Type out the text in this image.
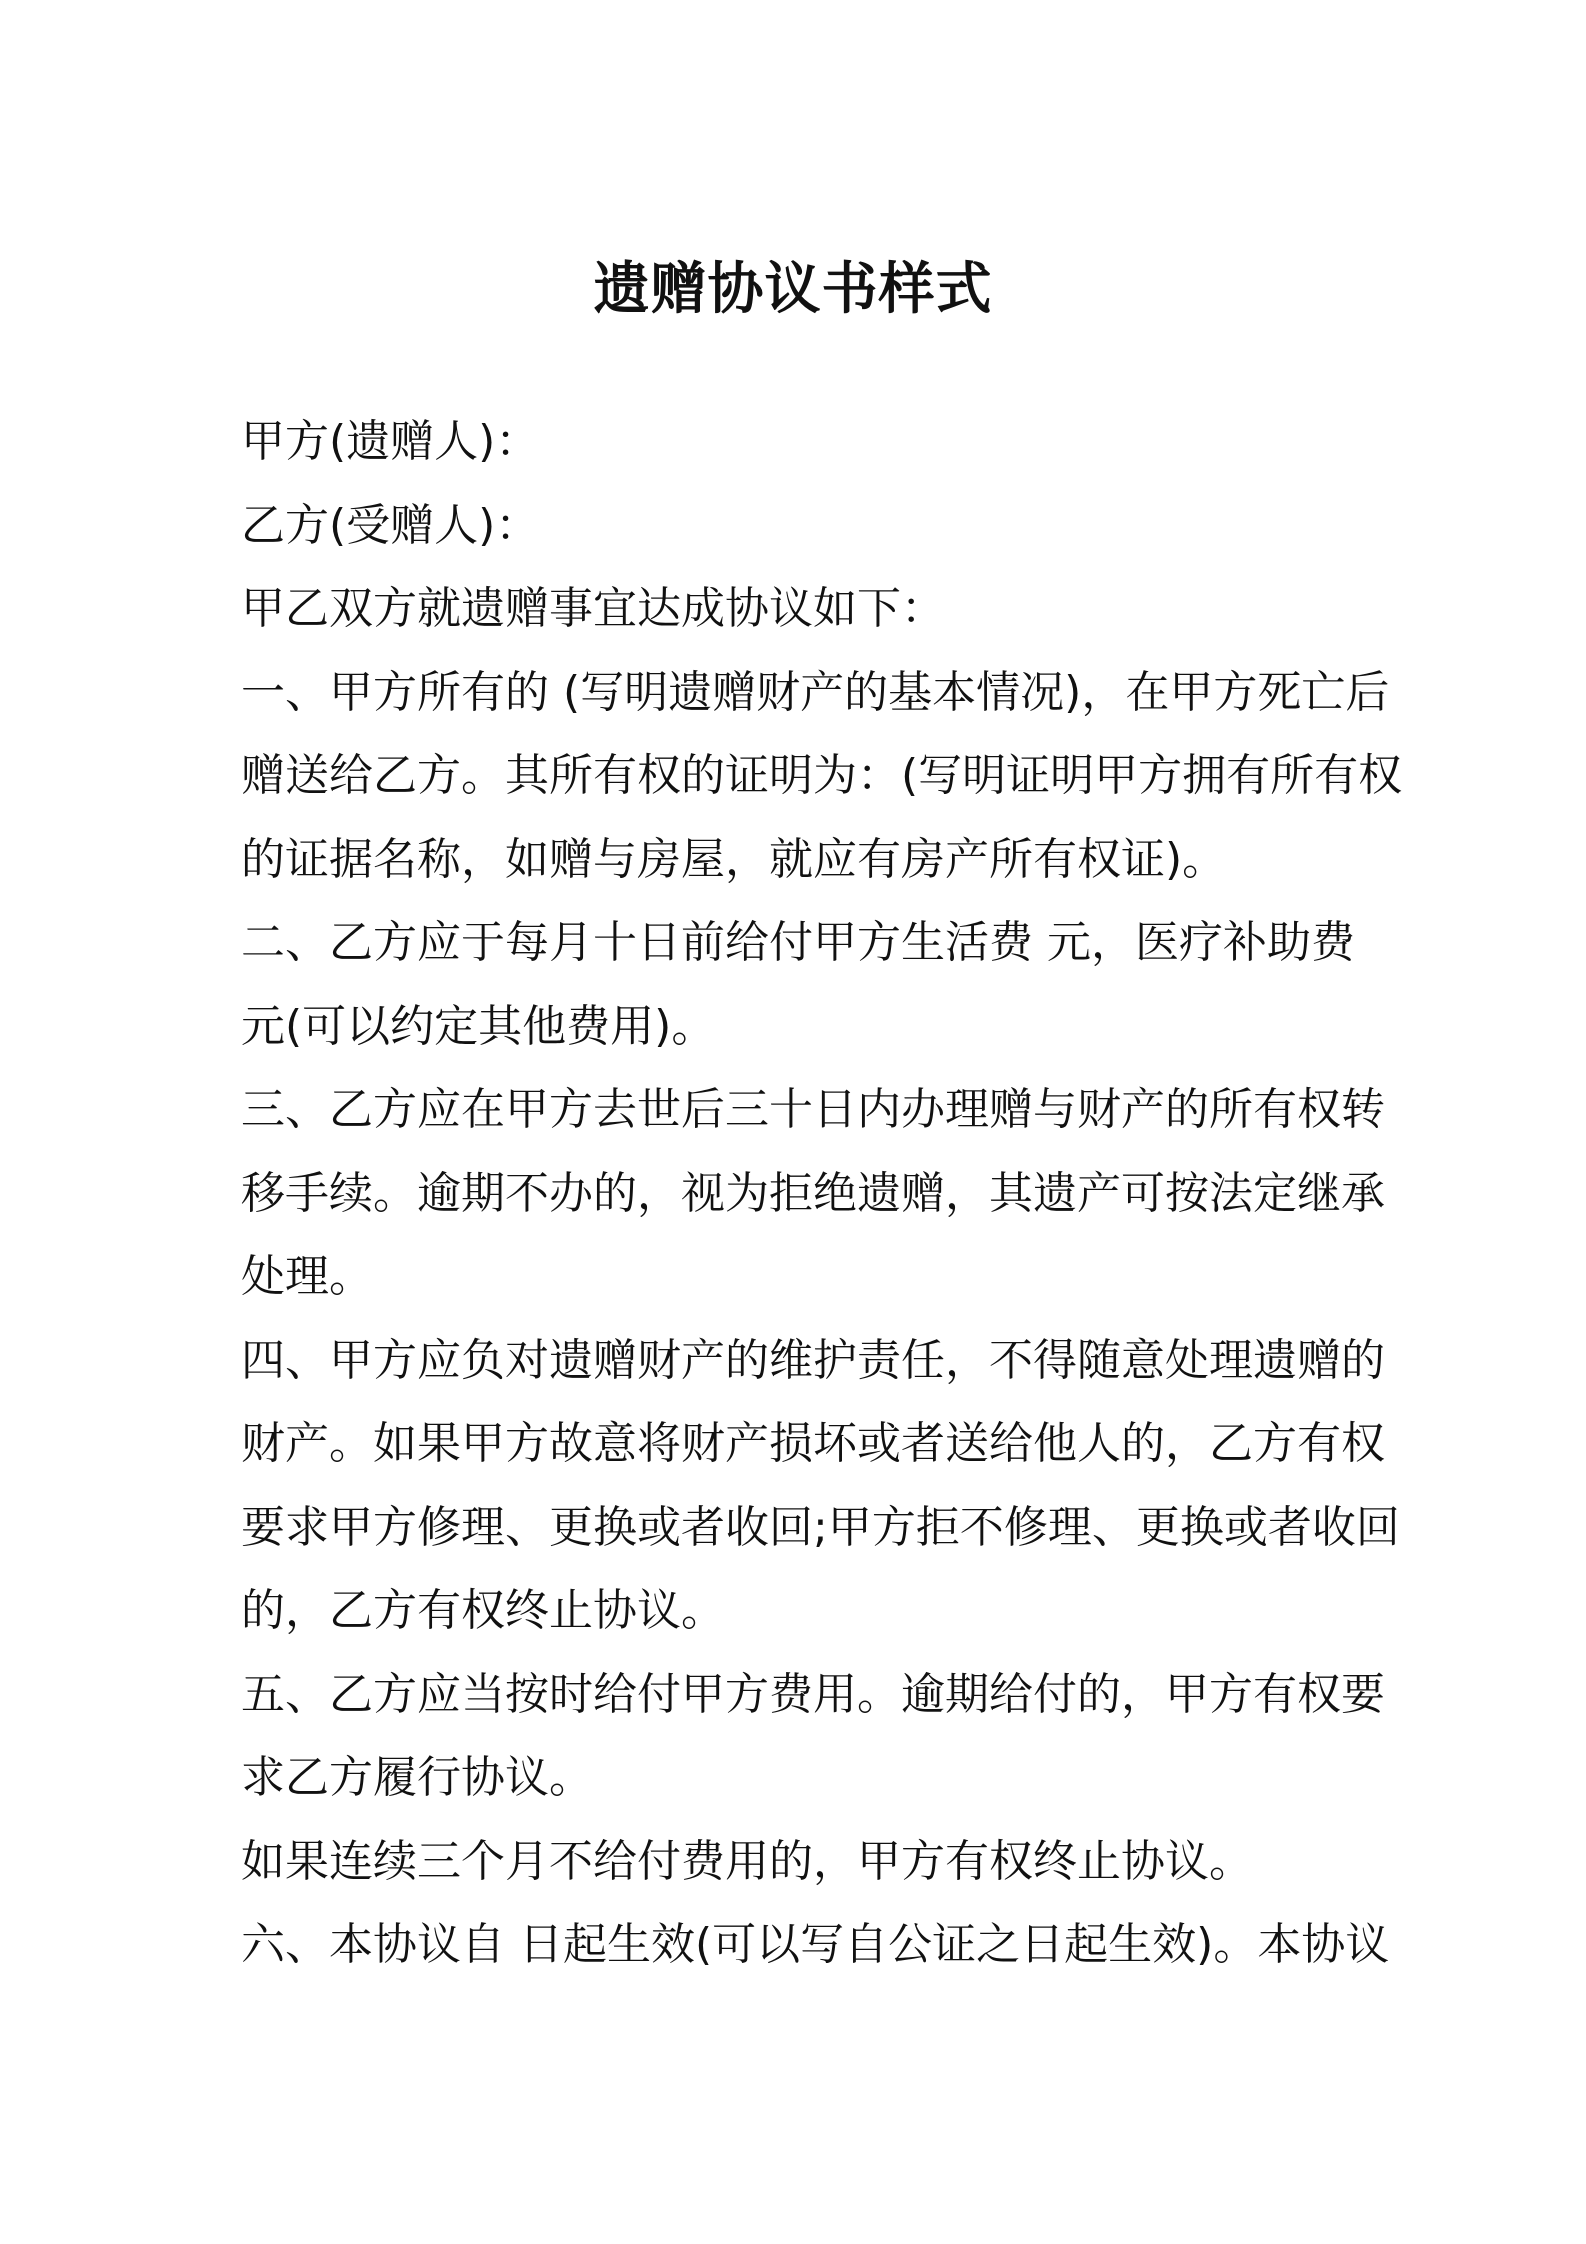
遗赠协议书样式
甲方(遗赠人)：
乙方(受赠人)：
甲乙双方就遗赠事宜达成协议如下：
一、甲方所有的 (写明遗赠财产的基本情况)，在甲方死亡后
赠送给乙方。其所有权的证明为：(写明证明甲方拥有所有权
的证据名称，如赠与房屋，就应有房产所有权证)。
二、乙方应于每月十日前给付甲方生活费 元，医疗补助费
元(可以约定其他费用)。
三、乙方应在甲方去世后三十日内办理赠与财产的所有权转
移手续。逾期不办的，视为拒绝遗赠，其遗产可按法定继承
处理。
四、甲方应负对遗赠财产的维护责任，不得随意处理遗赠的
财产。如果甲方故意将财产损坏或者送给他人的，乙方有权
要求甲方修理、更换或者收回;甲方拒不修理、更换或者收回
的，乙方有权终止协议。
五、乙方应当按时给付甲方费用。逾期给付的，甲方有权要
求乙方履行协议。
如果连续三个月不给付费用的，甲方有权终止协议。
六、本协议自 日起生效(可以写自公证之日起生效)。本协议
